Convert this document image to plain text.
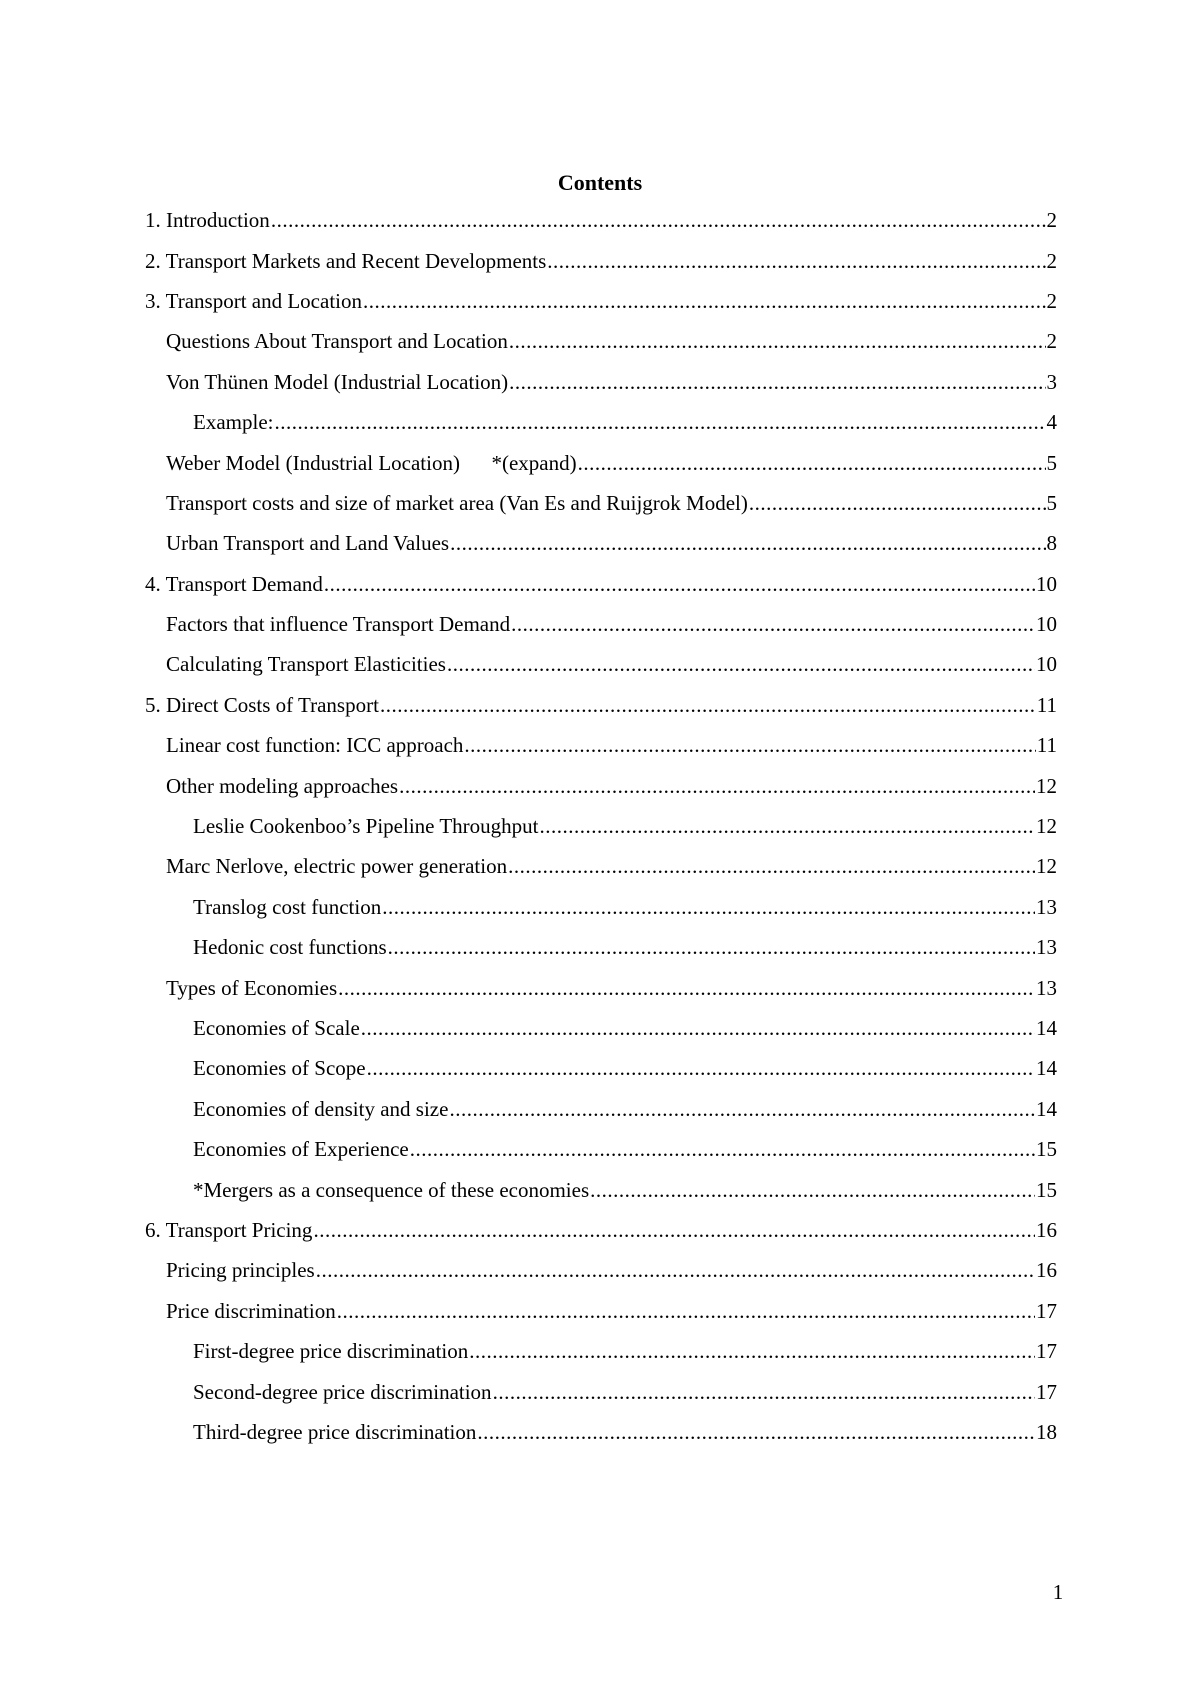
Contents
1. Introduction .....	2
2. Transport Markets and Recent Developments .....	2
3. Transport and Location .....	2
Questions About Transport and Location .....	2
Von Thünen Model (Industrial Location) .....	3
Example: .....	4
Weber Model (Industrial Location)      *(expand) .....	5
Transport costs and size of market area (Van Es and Ruijgrok Model) .....	5
Urban Transport and Land Values .....	8
4. Transport Demand .....	10
Factors that influence Transport Demand .....	10
Calculating Transport Elasticities .....	10
5. Direct Costs of Transport .....	11
Linear cost function: ICC approach .....	11
Other modeling approaches .....	12
Leslie Cookenboo’s Pipeline Throughput .....	12
Marc Nerlove, electric power generation .....	12
Translog cost function .....	13
Hedonic cost functions .....	13
Types of Economies .....	13
Economies of Scale .....	14
Economies of Scope .....	14
Economies of density and size .....	14
Economies of Experience .....	15
*Mergers as a consequence of these economies .....	15
6. Transport Pricing .....	16
Pricing principles .....	16
Price discrimination .....	17
First-degree price discrimination .....	17
Second-degree price discrimination .....	17
Third-degree price discrimination .....	18
1
